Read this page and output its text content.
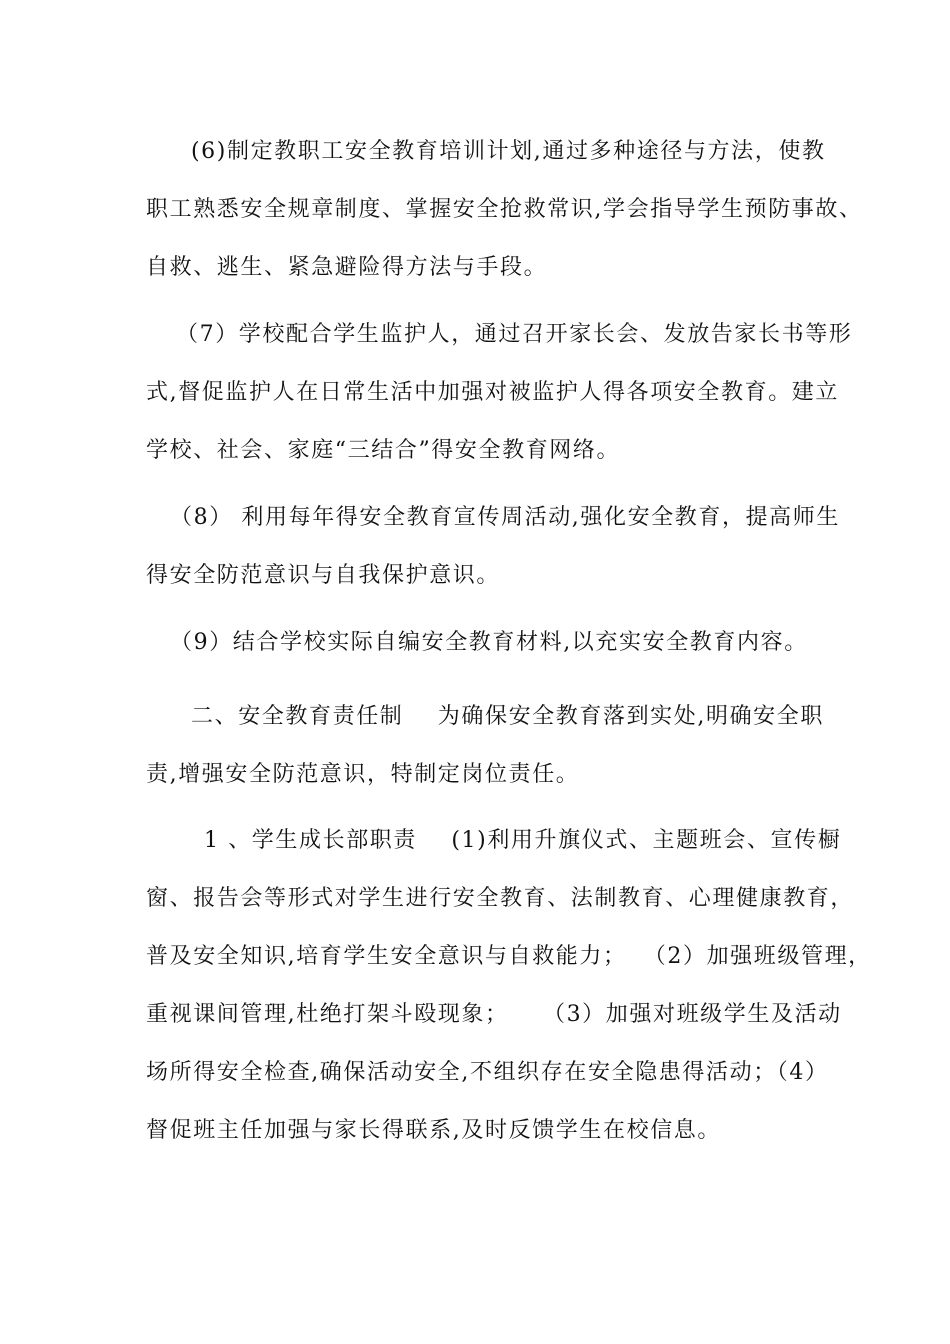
(6)制定教职工安全教育培训计划,通过多种途径与方法，使教
职工熟悉安全规章制度、掌握安全抢救常识,学会指导学生预防事故、
自救、逃生、紧急避险得方法与手段。
（7）学校配合学生监护人，通过召开家长会、发放告家长书等形
式,督促监护人在日常生活中加强对被监护人得各项安全教育。建立
学校、社会、家庭“三结合”得安全教育网络。
（8） 利用每年得安全教育宣传周活动,强化安全教育，提高师生
得安全防范意识与自我保护意识。
（9）结合学校实际自编安全教育材料,以充实安全教育内容。
二、安全教育责任制    为确保安全教育落到实处,明确安全职
责,增强安全防范意识，特制定岗位责任。
1 、学生成长部职责    (1)利用升旗仪式、主题班会、宣传橱
窗、报告会等形式对学生进行安全教育、法制教育、心理健康教育，
普及安全知识,培育学生安全意识与自救能力；  （2）加强班级管理，
重视课间管理,杜绝打架斗殴现象；    （3）加强对班级学生及活动
场所得安全检查,确保活动安全,不组织存在安全隐患得活动；（4）
督促班主任加强与家长得联系,及时反馈学生在校信息。
